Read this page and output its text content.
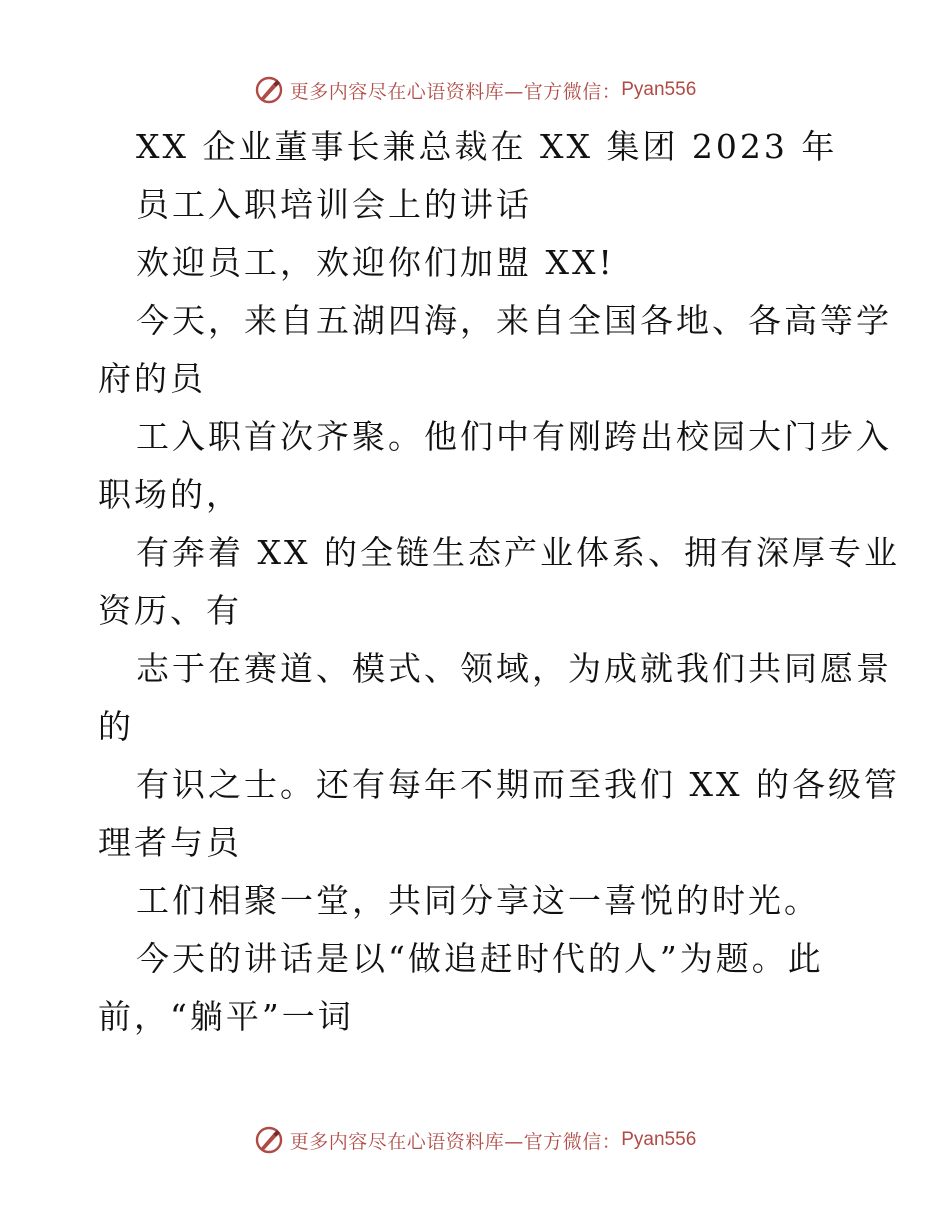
更多内容尽在心语资料库—官方微信： Pyan556
XX 企业董事长兼总裁在 XX 集团 2023 年
员工入职培训会上的讲话
欢迎员工，欢迎你们加盟 XX!
今天，来自五湖四海，来自全国各地、各高等学
府的员
工入职首次齐聚。他们中有刚跨出校园大门步入
职场的，
有奔着 XX 的全链生态产业体系、拥有深厚专业
资历、有
志于在赛道、模式、领域，为成就我们共同愿景
的
有识之士。还有每年不期而至我们 XX 的各级管
理者与员
工们相聚一堂，共同分享这一喜悦的时光。
今天的讲话是以“做追赶时代的人”为题。此
前，“躺平”一词
更多内容尽在心语资料库—官方微信： Pyan556
